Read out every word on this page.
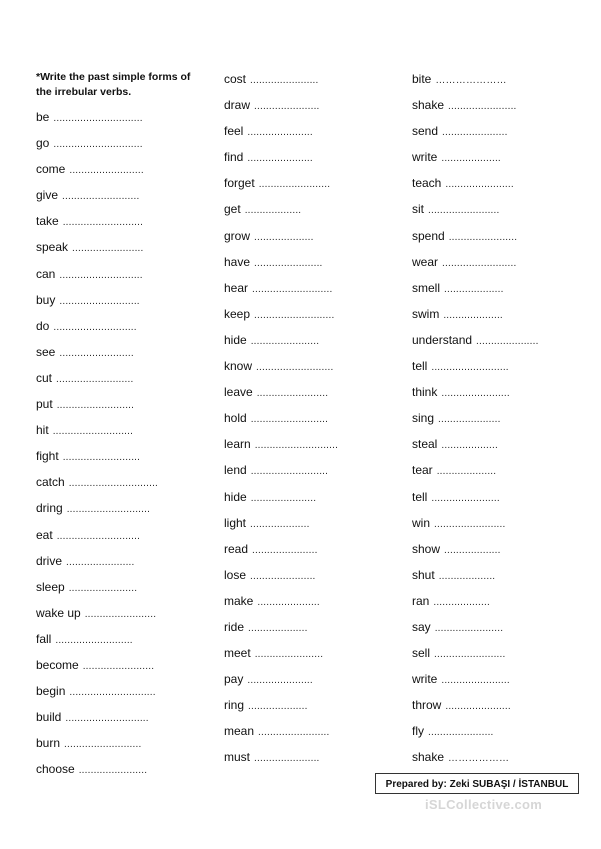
*Write the past simple forms of the irrebular verbs.
be ..............................
go ..............................
come .........................
give ..........................
take ...........................
speak ........................
can ............................
buy ...........................
do ............................
see .........................
cut ..........................
put ..........................
hit ...........................
fight ..........................
catch ..............................
dring ............................
eat ............................
drive .......................
sleep .......................
wake up ........................
fall ..........................
become ........................
begin .............................
build ............................
burn ..........................
choose .......................
cost .......................
draw ......................
feel ......................
find ......................
forget ........................
get ...................
grow ....................
have .......................
hear ...........................
keep ...........................
hide .......................
know ..........................
leave ........................
hold ..........................
learn ............................
lend ..........................
hide ......................
light ....................
read ......................
lose ......................
make .....................
ride ....................
meet .......................
pay ......................
ring ....................
mean ........................
must ......................
bite …………………
shake .......................
send ......................
write ....................
teach .......................
sit ........................
spend .......................
wear .........................
smell ....................
swim ....................
understand .....................
tell ..........................
think .......................
sing .....................
steal ...................
tear ....................
tell .......................
win ........................
show ...................
shut ...................
ran ...................
say .......................
sell ........................
write .......................
throw ......................
fly ......................
shake ………………
Prepared by: Zeki SUBAŞI / İSTANBUL
iSLCollective.com
